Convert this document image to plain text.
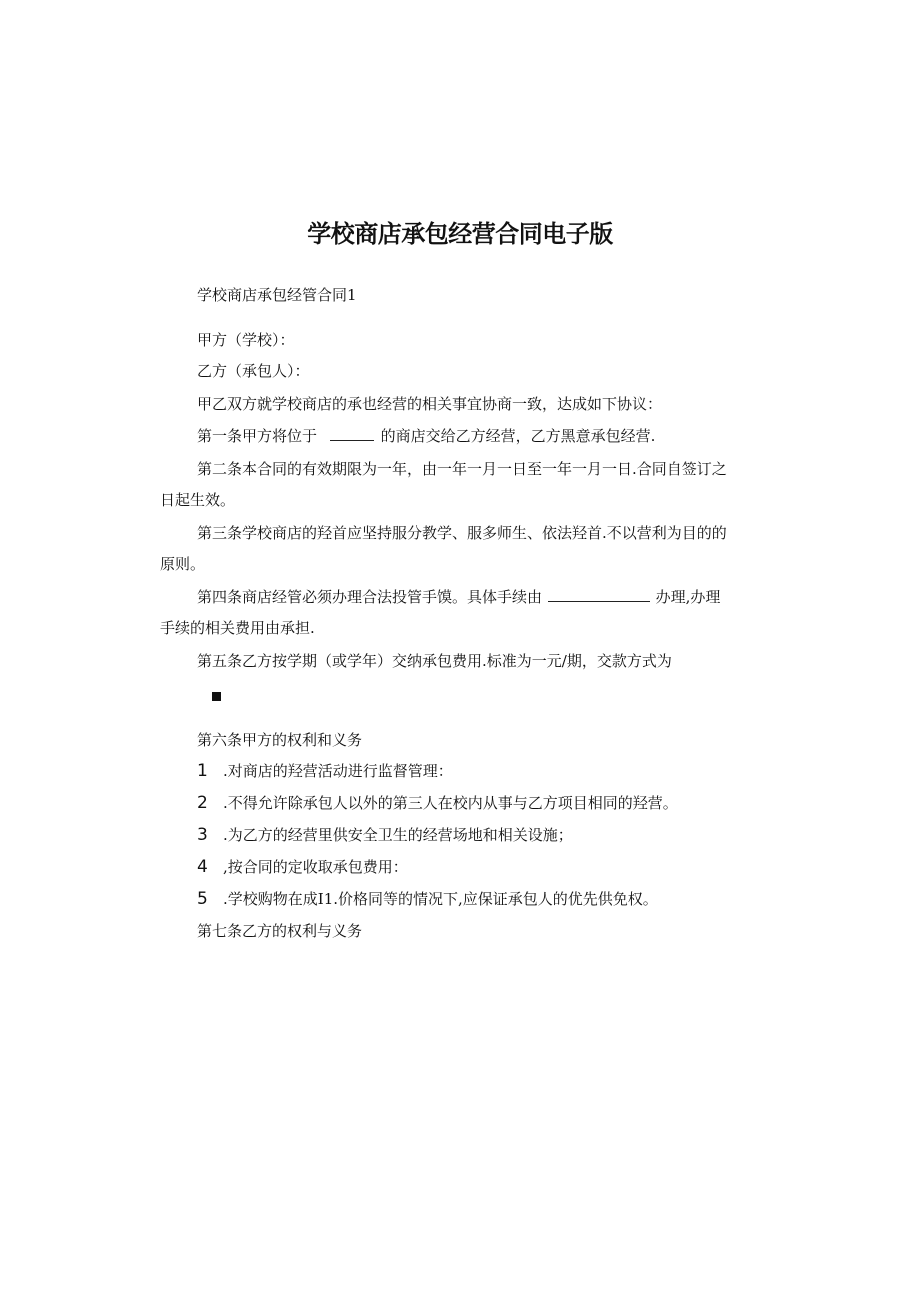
学校商店承包经营合同电子版
学校商店承包经管合同1
甲方（学校）：
乙方（承包人）：
甲乙双方就学校商店的承也经营的相关事宜协商一致，达成如下协议：
第一条甲方将位于	的商店交给乙方经营，乙方黑意承包经营.
第二条本合同的有效期限为一年，由一年一月一日至一年一月一日.合同自签订之
日起生效。
第三条学校商店的羟首应坚持服分教学、服多师生、依法羟首.不以营利为目的的
原则。
第四条商店经管必须办理合法投管手馍。具体手续由	办理,办理
手续的相关费用由承担.
第五条乙方按学期（或学年）交纳承包费用.标准为一元/期，交款方式为
第六条甲方的权利和义务
1 .对商店的羟营活动进行监督管理：
2 .不得允许除承包人以外的第三人在校内从事与乙方项目相同的羟营。
3 .为乙方的经营里供安全卫生的经营场地和相关设施；
4 ,按合同的定收取承包费用：
5 .学校购物在成I1.价格同等的情况下,应保证承包人的优先供免权。
第七条乙方的权利与义务
